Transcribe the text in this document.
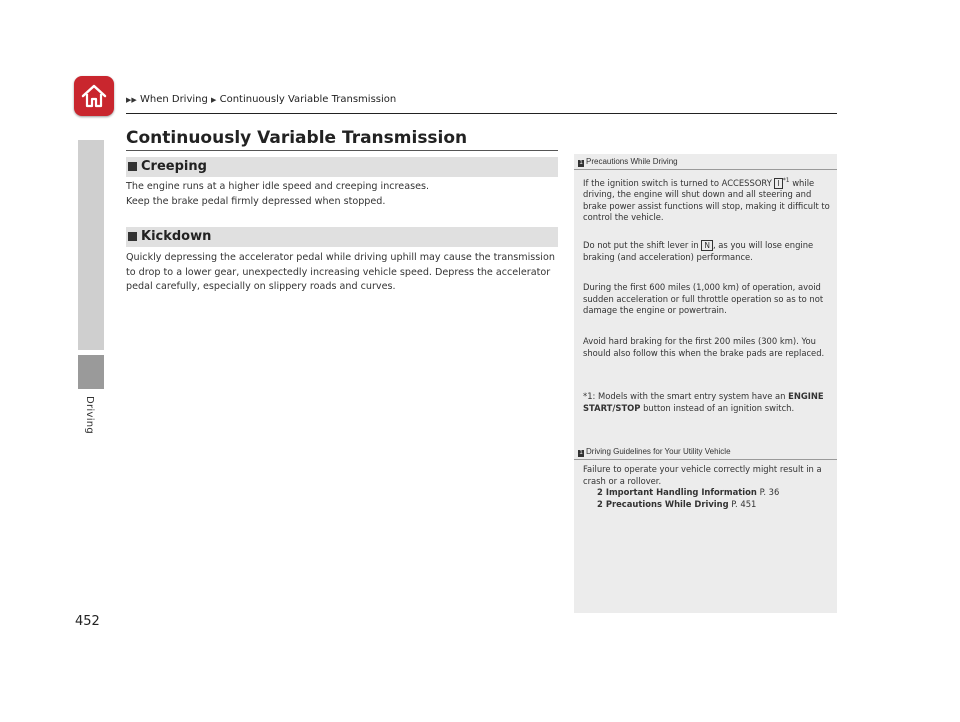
Driving
▶▶ When Driving ▶ Continuously Variable Transmission
Continuously Variable Transmission
Creeping

The engine runs at a higher idle speed and creeping increases.
Keep the brake pedal firmly depressed when stopped.

Kickdown

Quickly depressing the accelerator pedal while driving uphill may cause the transmission to drop to a lower gear, unexpectedly increasing vehicle speed. Depress the accelerator pedal carefully, especially on slippery roads and curves.

1 Precautions While Driving

If the ignition switch is turned to ACCESSORY I $^{*1}$ while driving, the engine will shut down and all steering and brake power assist functions will stop, making it difficult to control the vehicle.

Do not put the shift lever in N , as you will lose engine braking (and acceleration) performance.

During the first 600 miles (1,000 km) of operation, avoid sudden acceleration or full throttle operation so as to not damage the engine or powertrain.

Avoid hard braking for the first 200 miles (300 km). You should also follow this when the brake pads are replaced.

*1: Models with the smart entry system have an ENGINE START/STOP button instead of an ignition switch.

1 Driving Guidelines for Your Utility Vehicle

Failure to operate your vehicle correctly might result in a crash or a rollover.
2 Important Handling Information P. 36
2 Precautions While Driving P. 451

452
